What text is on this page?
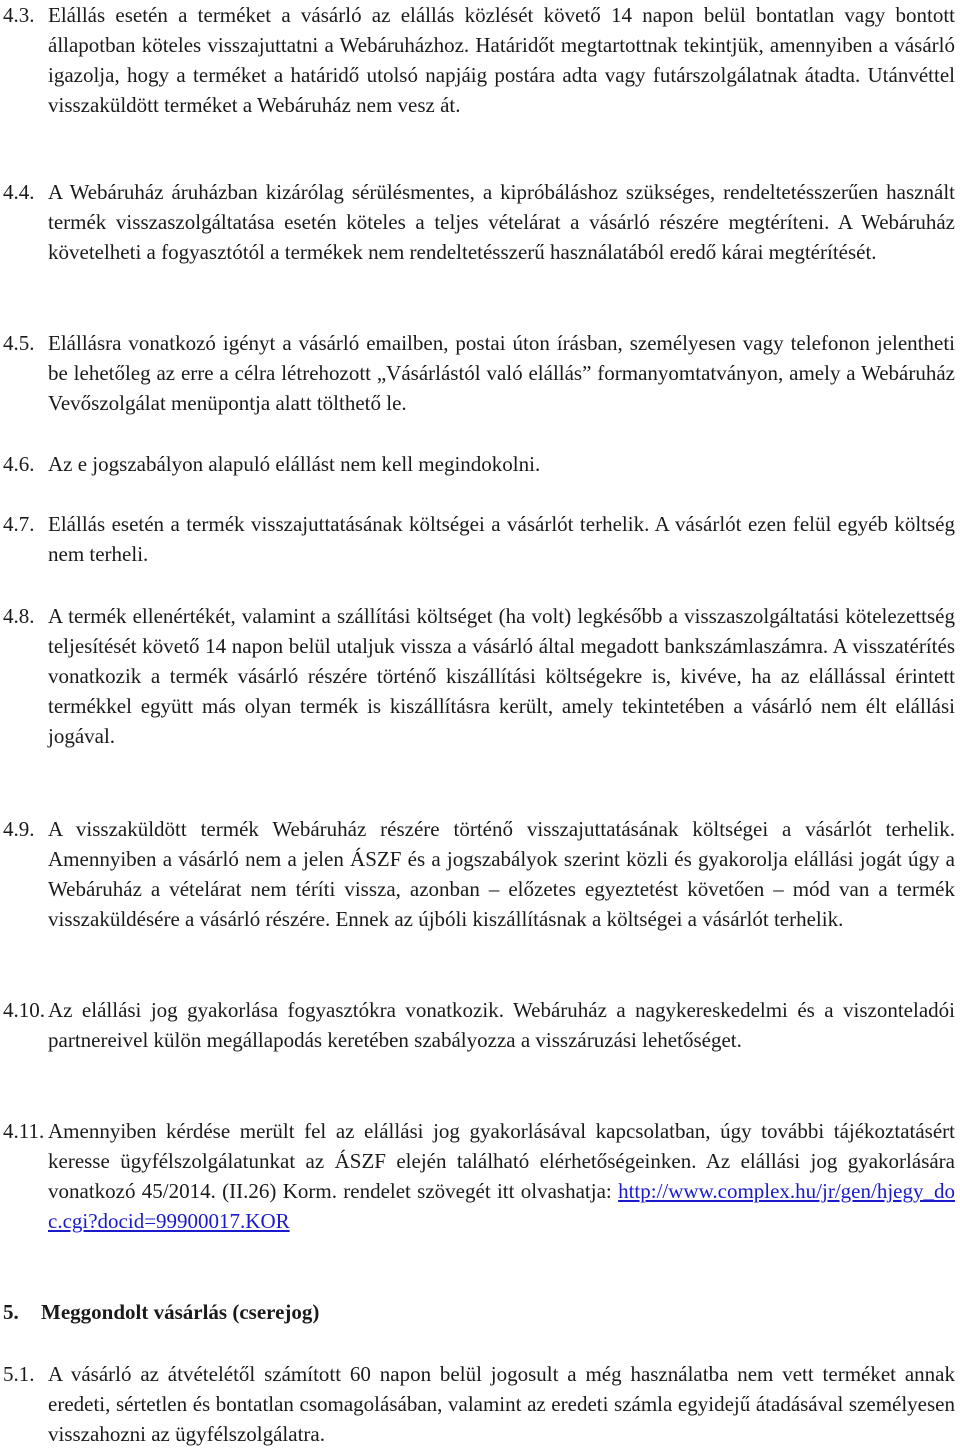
4.3. Elállás esetén a terméket a vásárló az elállás közlését követő 14 napon belül bontatlan vagy bontott állapotban köteles visszajuttatni a Webáruházhoz. Határidőt megtartottnak tekintjük, amennyiben a vásárló igazolja, hogy a terméket a határidő utolsó napjáig postára adta vagy futárszolgálatnak átadta. Utánvéttel visszaküldött terméket a Webáruház nem vesz át.
4.4. A Webáruház áruházban kizárólag sérülésmentes, a kipróbáláshoz szükséges, rendeltetésszerűen használt termék visszaszolgáltatása esetén köteles a teljes vételárat a vásárló részére megtéríteni. A Webáruház követelheti a fogyasztótól a termékek nem rendeltetésszerű használatából eredő kárai megtérítését.
4.5. Elállásra vonatkozó igényt a vásárló emailben, postai úton írásban, személyesen vagy telefonon jelentheti be lehetőleg az erre a célra létrehozott „Vásárlástól való elállás” formanyomtatványon, amely a Webáruház Vevőszolgálat menüpontja alatt tölthető le.
4.6. Az e jogszabályon alapuló elállást nem kell megindokolni.
4.7. Elállás esetén a termék visszajuttatásának költségei a vásárlót terhelik. A vásárlót ezen felül egyéb költség nem terheli.
4.8. A termék ellenértékét, valamint a szállítási költséget (ha volt) legkésőbb a visszaszolgáltatási kötelezettség teljesítését követő 14 napon belül utaljuk vissza a vásárló által megadott bankszámlaszámra. A visszatérítés vonatkozik a termék vásárló részére történő kiszállítási költségekre is, kivéve, ha az elállással érintett termékkel együtt más olyan termék is kiszállításra került, amely tekintetében a vásárló nem élt elállási jogával.
4.9. A visszaküldött termék Webáruház részére történő visszajuttatásának költségei a vásárlót terhelik. Amennyiben a vásárló nem a jelen ÁSZF és a jogszabályok szerint közli és gyakorolja elállási jogát úgy a Webáruház a vételárat nem téríti vissza, azonban – előzetes egyeztetést követően – mód van a termék visszaküldésére a vásárló részére. Ennek az újbóli kiszállításnak a költségei a vásárlót terhelik.
4.10. Az elállási jog gyakorlása fogyasztókra vonatkozik. Webáruház a nagykereskedelmi és a viszonteladói partnereivel külön megállapodás keretében szabályozza a visszáruzási lehetőséget.
4.11. Amennyiben kérdése merült fel az elállási jog gyakorlásával kapcsolatban, úgy további tájékoztatásért keresse ügyfélszolgálatunkat az ÁSZF elején található elérhetőségeinken. Az elállási jog gyakorlására vonatkozó 45/2014. (II.26) Korm. rendelet szövegét itt olvashatja: http://www.complex.hu/jr/gen/hjegy_doc.cgi?docid=99900017.KOR
5. Meggondolt vásárlás (cserejog)
5.1. A vásárló az átvételétől számított 60 napon belül jogosult a még használatba nem vett terméket annak eredeti, sértetlen és bontatlan csomagolásában, valamint az eredeti számla egyidejű átadásával személyesen visszahozni az ügyfélszolgálatra.
